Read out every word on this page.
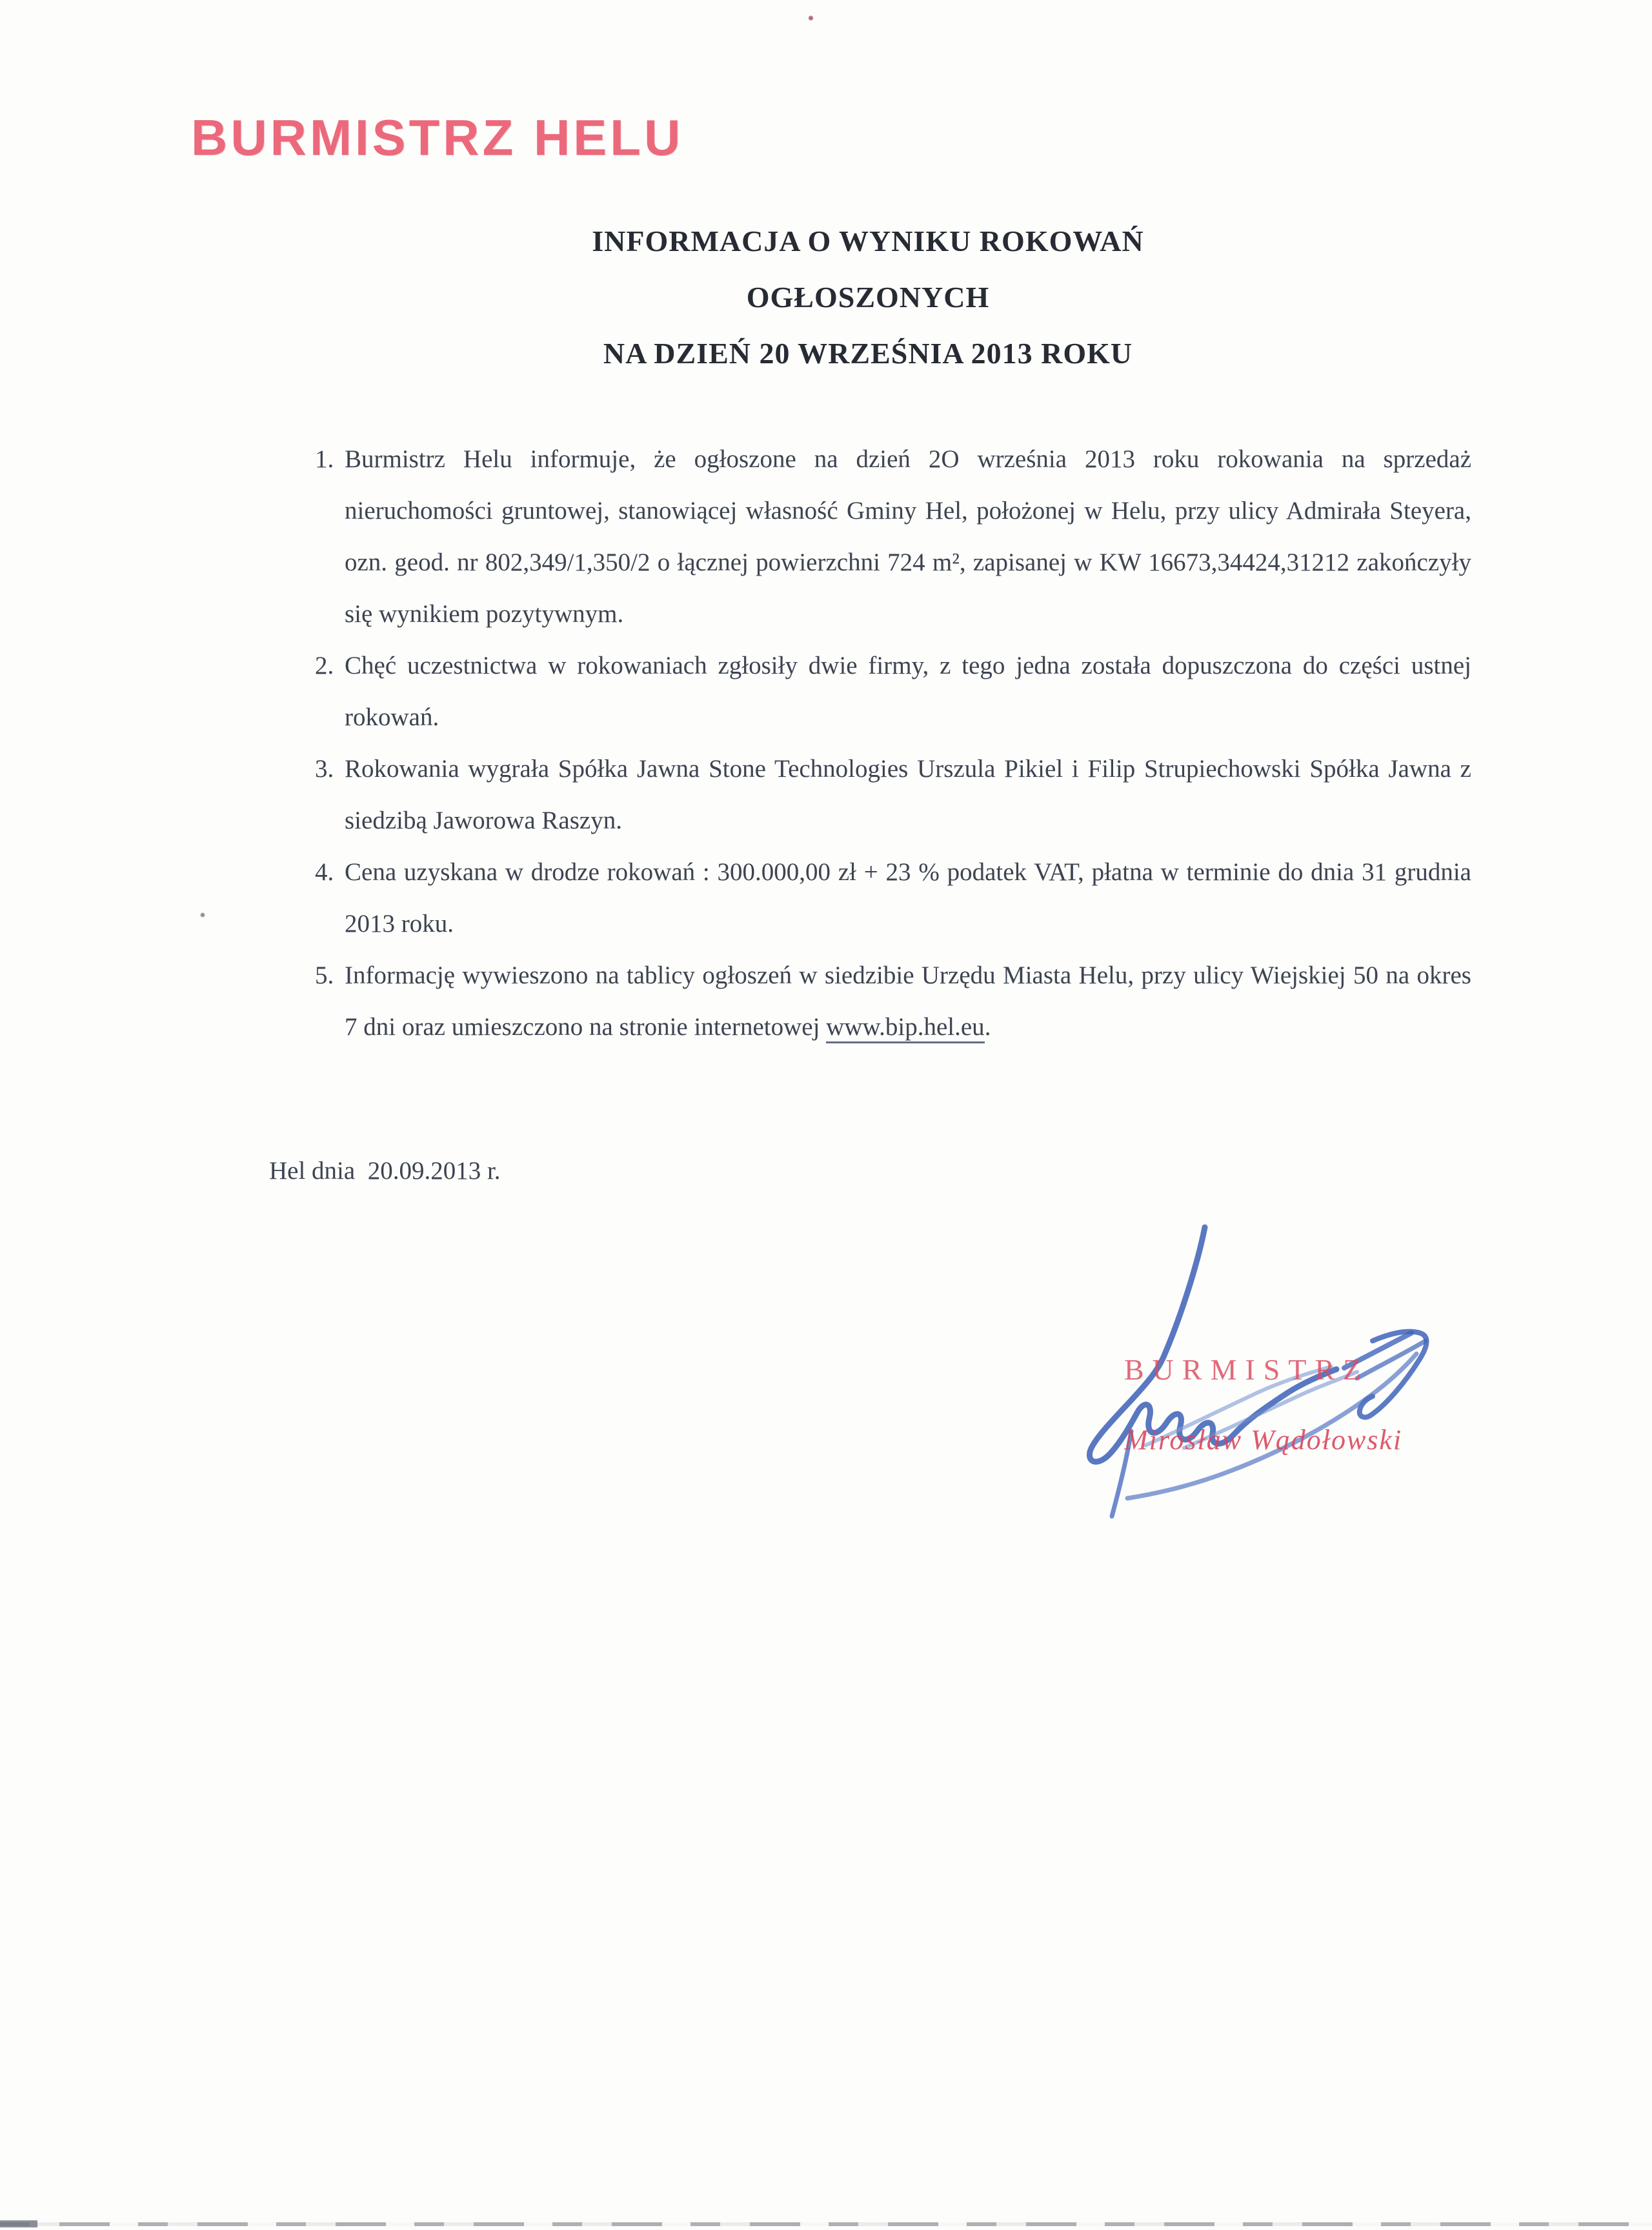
BURMISTRZ HELU
INFORMACJA O WYNIKU ROKOWAŃ
OGŁOSZONYCH
NA DZIEŃ 20 WRZEŚNIA 2013 ROKU
1. Burmistrz Helu informuje, że ogłoszone na dzień 2O września 2013 roku rokowania na sprzedaż nieruchomości gruntowej, stanowiącej własność Gminy Hel, położonej w Helu, przy ulicy Admirała Steyera, ozn. geod. nr 802,349/1,350/2 o łącznej powierzchni 724 m², zapisanej w KW 16673,34424,31212 zakończyły się wynikiem pozytywnym.
2. Chęć uczestnictwa w rokowaniach zgłosiły dwie firmy, z tego jedna została dopuszczona do części ustnej rokowań.
3. Rokowania wygrała Spółka Jawna Stone Technologies Urszula Pikiel i Filip Strupiechowski Spółka Jawna z siedzibą Jaworowa Raszyn.
4. Cena uzyskana w drodze rokowań : 300.000,00 zł + 23 % podatek VAT, płatna w terminie do dnia 31 grudnia 2013 roku.
5. Informację wywieszono na tablicy ogłoszeń w siedzibie Urzędu Miasta Helu, przy ulicy Wiejskiej 50 na okres 7 dni oraz umieszczono na stronie internetowej www.bip.hel.eu.
Hel dnia  20.09.2013 r.
BURMISTRZ
Mirosław Wądołowski
